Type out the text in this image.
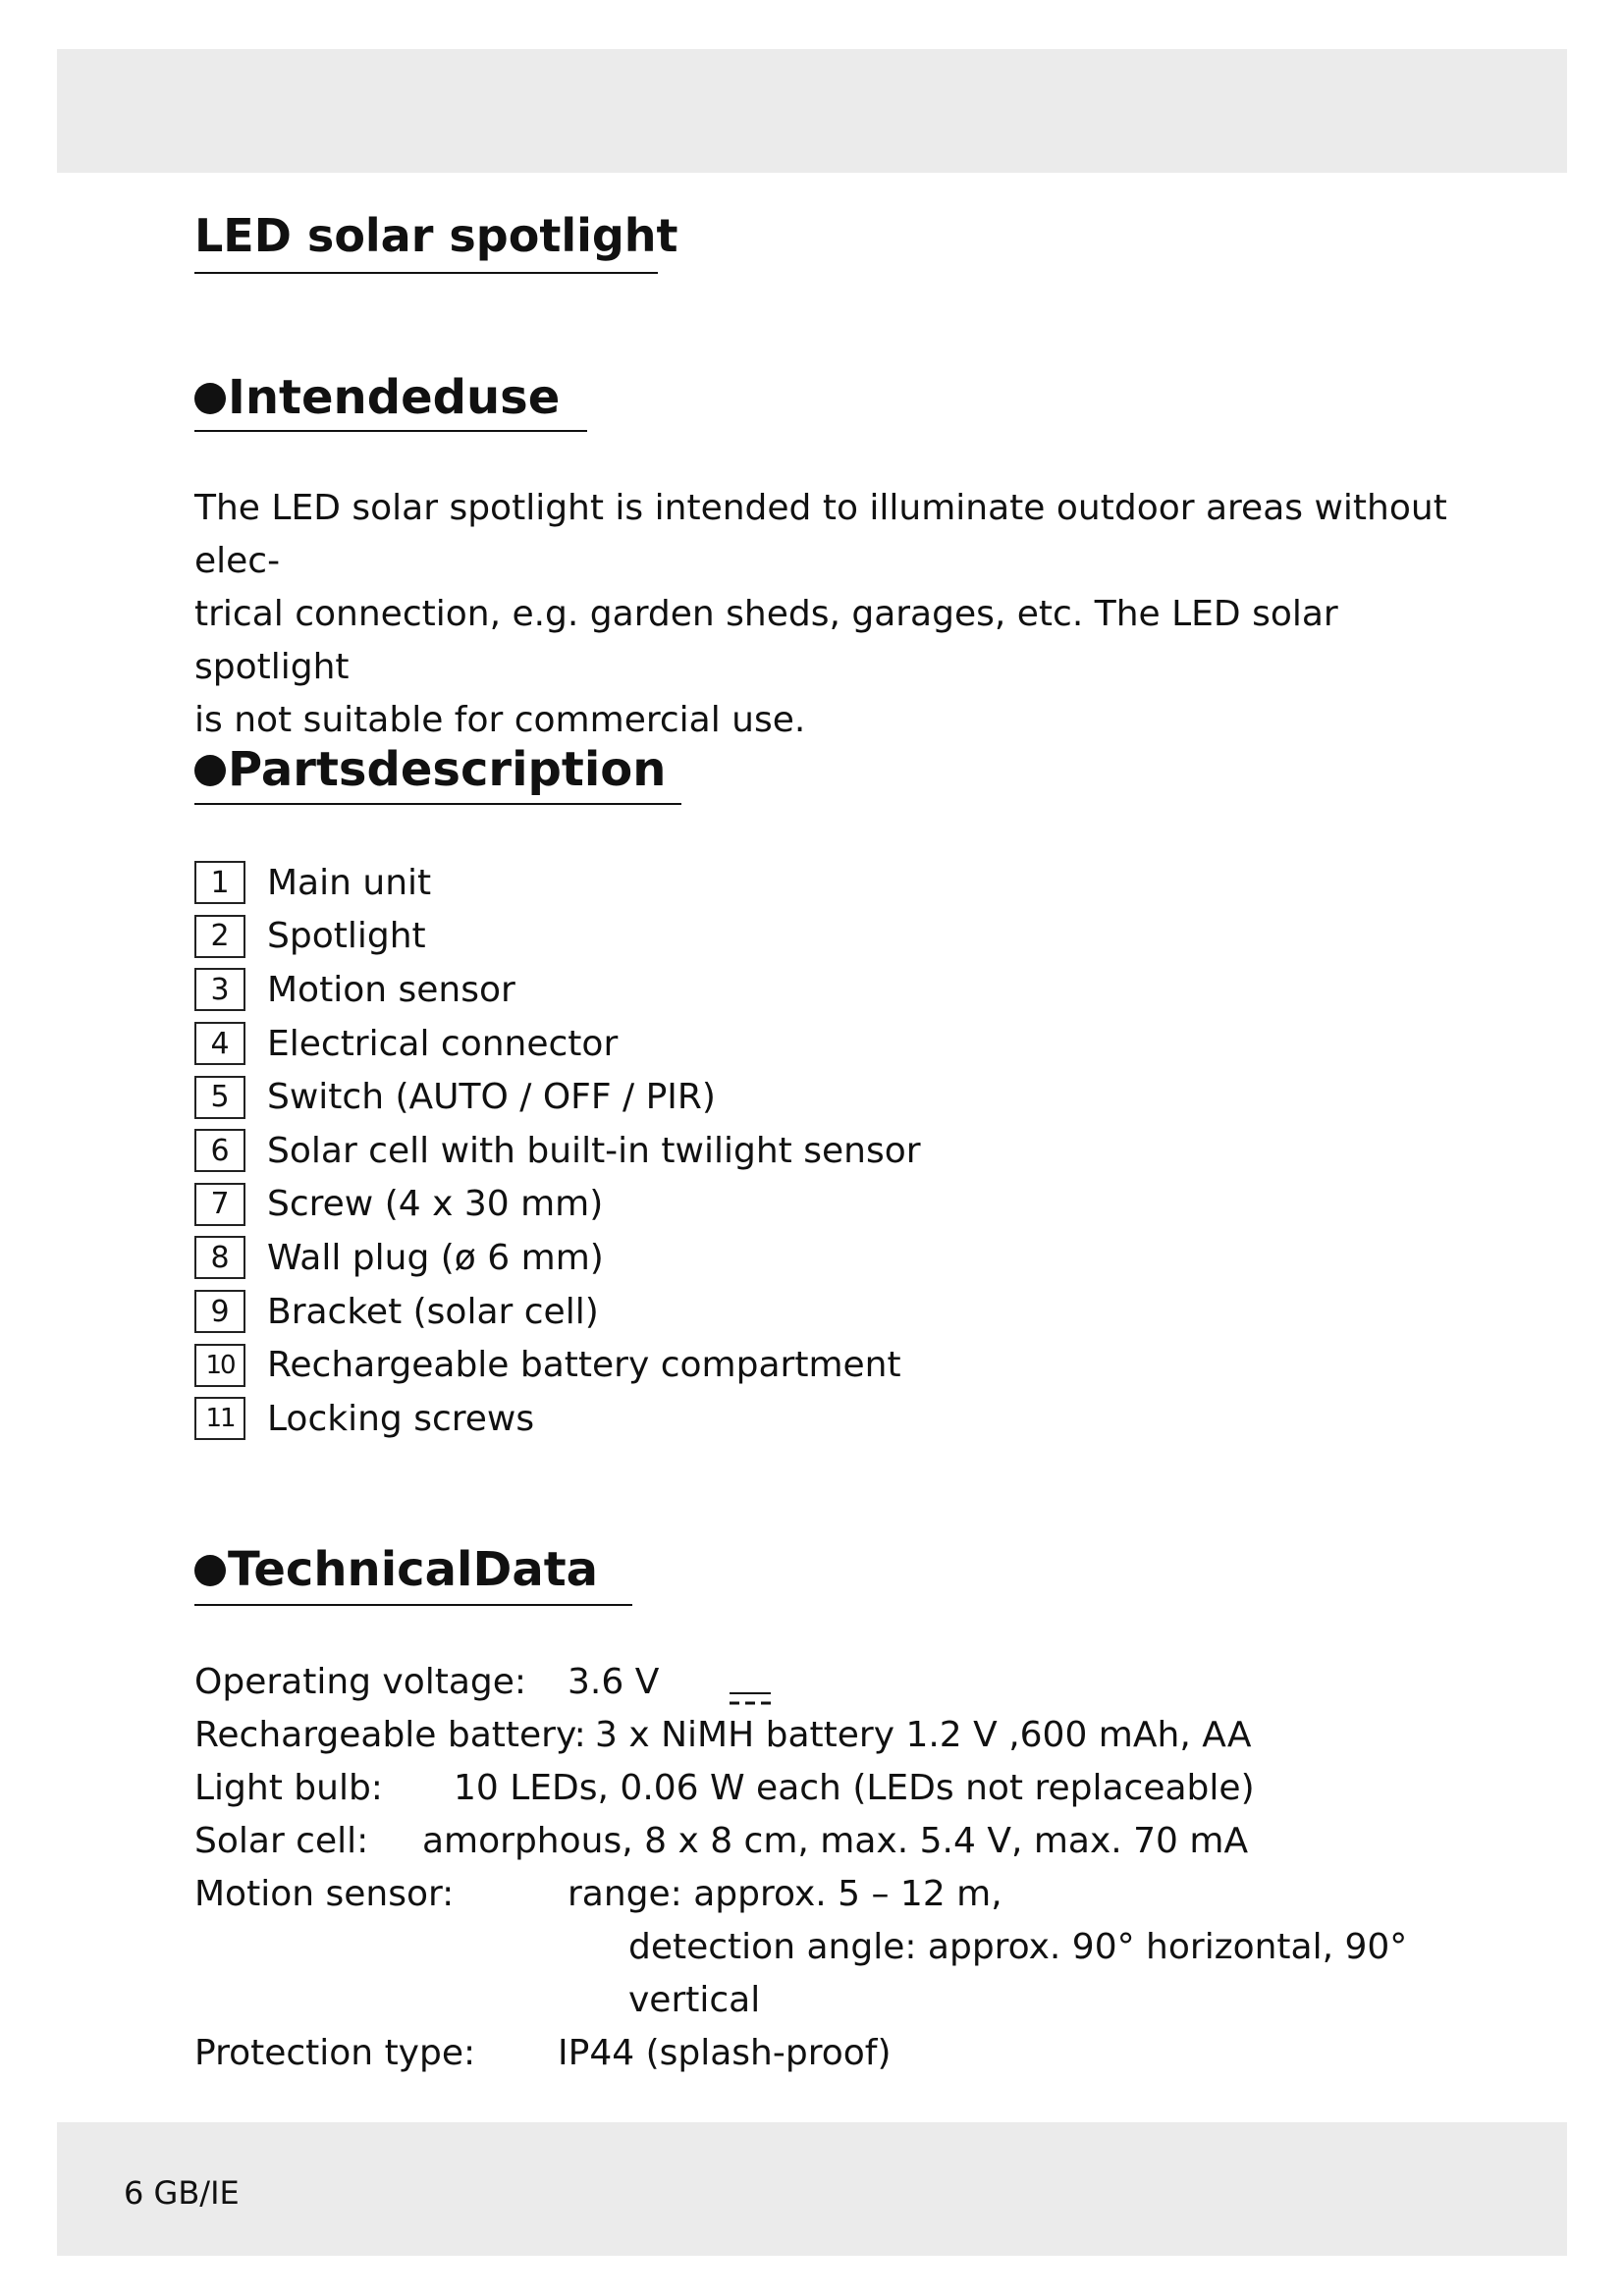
LED solar spotlight
Intendeduse
The LED solar spotlight is intended to illuminate outdoor areas without elec-
trical connection, e.g. garden sheds, garages, etc. The LED solar spotlight
is not suitable for commercial use.
Partsdescription
1	Main unit
2	Spotlight
3	Motion sensor
4	Electrical connector
5	Switch (AUTO / OFF / PIR)
6	Solar cell with built-in twilight sensor
7	Screw (4 x 30 mm)
8	Wall plug (ø 6 mm)
9	Bracket (solar cell)
10 Rechargeable battery compartment
11 Locking screws
TechnicalData
Operating voltage: 3.6 V
Rechargeable battery: 3 x NiMH battery 1.2 V ,600 mAh, AA
Light bulb: 10 LEDs, 0.06 W each (LEDs not replaceable)
Solar cell: amorphous, 8 x 8 cm, max. 5.4 V, max. 70 mA
Motion sensor:	range: approx. 5 – 12 m,
detection angle: approx. 90° horizontal, 90°
vertical
Protection type: IP44 (splash-proof)
6 GB/IE
